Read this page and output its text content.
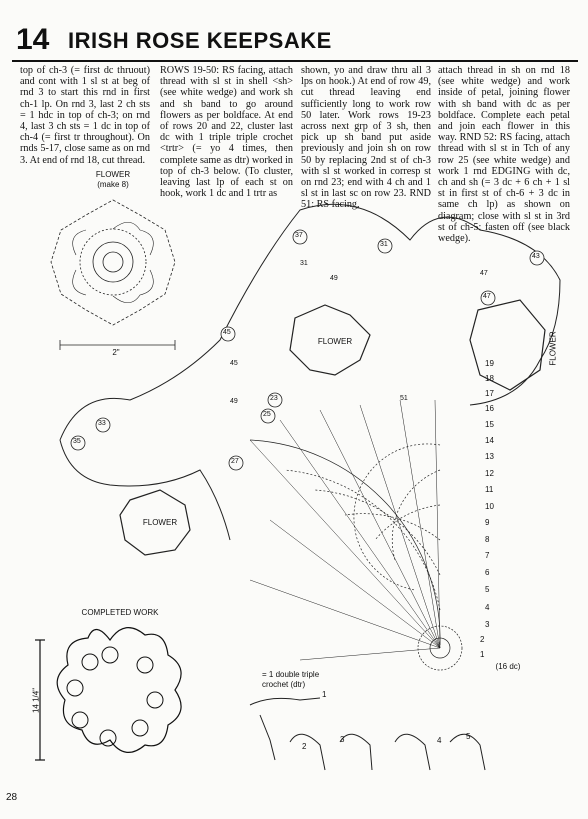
14 IRISH ROSE KEEPSAKE
top of ch-3 (= first dc thruout) and cont with 1 sl st at beg of rnd 3 to start this rnd in first ch-1 lp. On rnd 3, last 2 ch sts = 1 hdc in top of ch-3; on rnd 4, last 3 ch sts = 1 dc in top of ch-4 (= first tr throughout). On rnds 5-17, close same as on rnd 3. At end of rnd 18, cut thread.
ROWS 19-50: RS facing, attach thread with sl st in shell <sh> (see white wedge) and work sh and sh band to go around flowers as per boldface. At end of rows 20 and 22, cluster last dc with 1 triple triple crochet <trtr> (= yo 4 times, then complete same as dtr) worked in top of ch-3 below. (To cluster, leaving last lp of each st on hook, work 1 dc and 1 trtr as
shown, yo and draw thru all 3 lps on hook.) At end of row 49, cut thread leaving end sufficiently long to work row 50 later. Work rows 19-23 across next grp of 3 sh, then pick up sh band put aside previously and join sh on row 50 by replacing 2nd st of ch-3 with sl st worked in corresp st on rnd 23; end with 4 ch and 1 sl st in last sc on row 23. RND 51: RS facing,
attach thread in sh on rnd 18 (see white wedge) and work inside of petal, joining flower with sh band with dc as per boldface. Complete each petal and join each flower in this way. RND 52: RS facing, attach thread with sl st in Tch of any row 25 (see white wedge) and work 1 rnd EDGING with dc, ch and sh (= 3 dc + 6 ch + 1 sl st in first st of ch-6 + 3 dc in same ch lp) as shown on diagram; close with sl st in 3rd st of ch-5: fasten off (see black wedge).
FLOWER
(make 8)
2"
FLOWER
FLOWER
FLOWER
COMPLETED WORK
14 1/4"
(16 dc)
= 1 double triple crochet (dtr)
1
2
3
4
5
6
7
8
9
10
11
12
13
14
15
16
17
18
19
1
2
3	4	5
28
37
31
43
47
45
35
33
23
25
27
49	51
31
45
47
49
